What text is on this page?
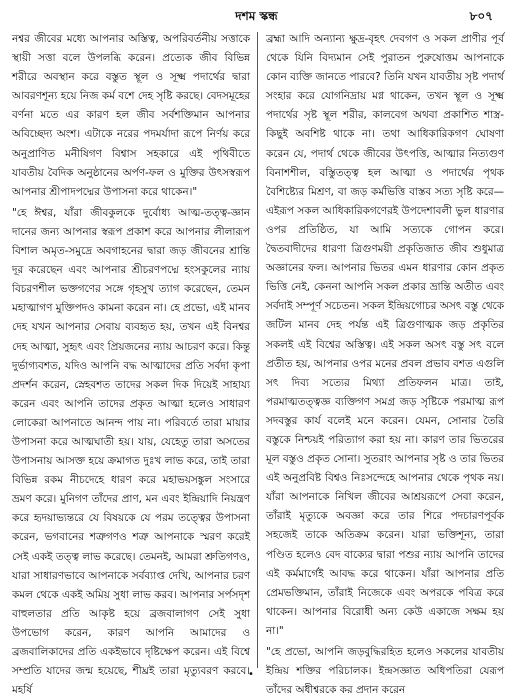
দশম স্কন্ধ	৮০৭

নশ্বর জীবের মধ্যে আপনার অস্তিত্ব, অপরিবর্তনীয় সত্তাকে স্থায়ী সত্তা বলে উপলব্ধি করেন। প্রত্যেক জীব বিভিন্ন শরীরে অবস্থান করে বস্তুত স্থূল ও সূক্ষ্ম পদার্থের দ্বারা আবরণশূন্য হয়ে নিজ কর্ম বশে দেহ সৃষ্টি করছে। বেদসমূহের বর্ণনা মতে এর কারণ হল জীব সর্বশক্তিমান আপনার অবিচ্ছেদ্য অংশ। এটাকে নরের পদমর্যাদা রূপে নির্ণয় করে অনুপ্রাণিত মনীষিগণ বিশ্বাস সহকারে এই পৃথিবীতে যাবতীয় বৈদিক অনুষ্ঠানের অর্পণ-ফল ও মুক্তির উৎসস্বরূপ আপনার শ্রীপাদপদ্মের উপাসনা করে থাকেন।"

"হে ঈশ্বর, যাঁরা জীবকুলকে দুর্বোধ্য আত্ম-তত্ত্ব-জ্ঞান দানের জন্য আপনার স্বরূপ প্রকাশ করে আপনার লীলারূপ বিশাল অমৃত-সমুদ্রে অবগাহনের দ্বারা জড় জীবনের শ্রান্তি দূর করেছেন এবং আপনার শ্রীচরণপদ্মে হংসকুলের ন্যায় বিচরণশীল ভক্তগণের সঙ্গে গৃহসুখ ত্যাগ করেছেন, তেমন মহাত্মাগণ মুক্তিপদও কামনা করেন না। হে প্রভো, এই মানব দেহ যখন আপনার সেবায় ব্যবহৃত হয়, তখন এই বিনশ্বর দেহ আত্মা, সুহৃৎ এবং প্রিয়জনের ন্যায় আচরণ করে। কিন্তু দুর্ভাগ্যবশত, যদিও আপনি বদ্ধ আত্মাদের প্রতি সর্বদা কৃপা প্রদর্শন করেন, স্নেহবশত তাদের সকল দিক দিয়েই সাহায্য করেন এবং আপনি তাদের প্রকৃত আত্মা হলেও সাধারণ লোকেরা আপনাতে আনন্দ পায় না। পরিবর্তে তারা মায়ার উপাসনা করে আত্মঘাতী হয়। যায়, যেহেতু তারা অসতের উপাসনায় আসক্ত হয়ে ক্রমাগত দুঃখ লাভ করে, তাই তারা বিভিন্ন রকম নীচদেহে ধারণ করে মহাভয়সঙ্কুল সংসারে ভ্রমণ করে। মুনিগণ তাঁদের প্রাণ, মন এবং ইন্দ্রিয়াদি নিয়ন্ত্রণ করে হৃদয়াভ্যন্তরে যে বিষয়কে যে পরম তত্ত্বের উপাসনা করেন, ভগবানের শত্রুগণও শত্রু আপনাকে স্মরণ করেই সেই একই তত্ত্ব লাভ করেছে। তেমনই, আমরা শ্রুতিগণও, যারা সাধারণভাবে আপনাকে সর্বব্যাপ্ত দেখি, আপনার চরণ কমল থেকে একই অমিয় সুধা লাভ করব। আপনার সর্পসদৃশ বাহুলতার প্রতি আকৃষ্ট হয়ে ব্রজবালাগণ সেই সুধা উপভোগ করেন, কারণ আপনি আমাদের ও ব্রজবালিকাদের প্রতি একইভাবে দৃষ্টিক্ষেপ করেন। এই বিশ্বে সম্প্রতি যাদের জন্ম হয়েছে, শীঘ্রই তারা মৃত্যুবরণ করবে। মহর্ষি

ব্রহ্মা আদি অন্যান্য ক্ষুদ্র-বৃহৎ দেবগণ ও সকল প্রাণীর পূর্ব থেকে যিনি বিদ্যমান সেই পুরাতন পুরুষোত্তম আপনাকে কোন ব্যক্তি জানতে পারবে? তিনি যখন যাবতীয় সৃষ্ট পদার্থ সংহার করে যোগনিদ্রায় মগ্ন থাকেন, তখন স্থূল ও সূক্ষ্ম পদার্থের সৃষ্ট স্থূল শরীর, কালবেগ অথবা প্রকাশিত শাস্ত্র-কিছুই অবশিষ্ট থাকে না। তথা আধিকারিকগণ ঘোষণা করেন যে, পদার্থ থেকে জীবের উৎপত্তি, আত্মার নিত্যগুণ বিনাশশীল, বস্তুিতত্ত্ব হল আত্মা ও পদার্থের পৃথক বৈশিষ্ট্যের মিশ্রণ, বা জড় কর্মভিত্তি বাস্তব সত্য সৃষ্টি করে—এইরূপ সকল আধিকারিকগণেরই উপদেশাবলী ভুল ধারণার ওপর প্রতিষ্ঠিত, যা আমি সত্যকে গোপন করে। দ্বৈতবাদীদের ধারণা ত্রিগুণময়ী প্রকৃতিজাত জীব শুধুমাত্র অজ্ঞানের ফল। আপনার ভিতর এমন ধারণার কোন প্রকৃত ভিত্তি নেই, কেননা আপনি সকল প্রকার ভ্রান্তি অতীত এবং সর্বদাই সম্পূর্ণ সচেতন। সকল ইন্দ্রিয়গোচর অসৎ বস্তু থেকে জটিল মানব দেহ পর্যন্ত এই ত্রিগুণাত্মক জড় প্রকৃতির সকলই এই বিশ্বের অস্তিত্ব। এই সকল অসৎ বস্তু সৎ বলে প্রতীত হয়, আপনার ওপর মনের প্রবল প্রভাব বশত এগুলি সৎ দিব্য সত্যের মিথ্যা প্রতিফলন মাত্র। তাই, পরমাত্মতত্ত্বজ্ঞ ব্যক্তিগণ সমগ্র জড় সৃষ্টিকে পরমাত্ম রূপ সদবস্তুর কার্য বলেই মনে করেন। যেমন, সোনার তৈরি বস্তুকে নিশ্চয়ই পরিত্যাগ করা হয় না। কারণ তার ভিতরের মূল বস্তুও প্রকৃত সোনা। সুতরাং আপনার সৃষ্ট ও তার ভিতর এই অনুপ্রবিষ্ট বিশ্বও নিঃসন্দেহে আপনার থেকে পৃথক নয়। যাঁরা আপনাকে নিখিল জীবের আশ্রয়রূপে সেবা করেন, তাঁরাই মৃত্যুকে অবজ্ঞা করে তার শিরে পদচারণপূর্বক সহজেই তাকে অতিক্রম করেন। যারা ভক্তিশূন্য, তারা পণ্ডিত হলেও বেদ বাক্যের দ্বারা পশুর ন্যায় আপনি তাদের এই কর্মমার্গেই আবদ্ধ করে থাকেন। যাঁরা আপনার প্রতি প্রেমভক্তিমান, তাঁরাই নিজেকে এবং অপরকে পবিত্র করে থাকেন। আপনার বিরোধী অন্য কেউ একাজে সক্ষম হয় না।"

"হে প্রভো, আপনি জড়বুদ্ধিরহিত হলেও সকলের যাবতীয় ইন্দ্রিয় শক্তির পরিচালক। ইন্দ্রসজ্ঞাত অধিপতিরা যেরূপ তাঁদের অধীশ্বরকে কর প্রদান করেন

•
